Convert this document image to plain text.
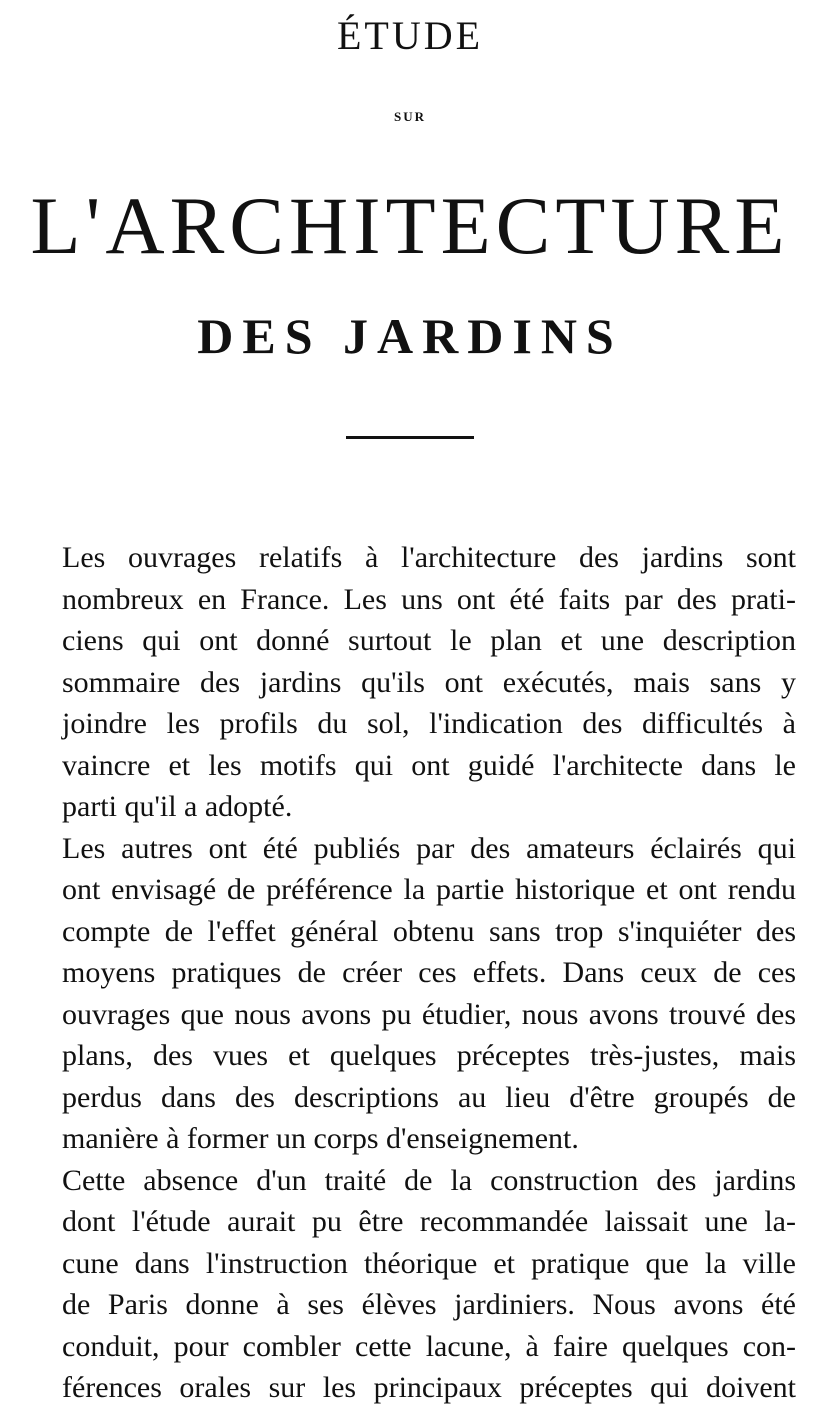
ÉTUDE
SUR
L'ARCHITECTURE
DES JARDINS

Les ouvrages relatifs à l'architecture des jardins sont
nombreux en France. Les uns ont été faits par des prati-
ciens qui ont donné surtout le plan et une description
sommaire des jardins qu'ils ont exécutés, mais sans y
joindre les profils du sol, l'indication des difficultés à
vaincre et les motifs qui ont guidé l'architecte dans le
parti qu'il a adopté.

Les autres ont été publiés par des amateurs éclairés qui
ont envisagé de préférence la partie historique et ont rendu
compte de l'effet général obtenu sans trop s'inquiéter des
moyens pratiques de créer ces effets. Dans ceux de ces
ouvrages que nous avons pu étudier, nous avons trouvé des
plans, des vues et quelques préceptes très-justes, mais
perdus dans des descriptions au lieu d'être groupés de
manière à former un corps d'enseignement.

Cette absence d'un traité de la construction des jardins
dont l'étude aurait pu être recommandée laissait une la-
cune dans l'instruction théorique et pratique que la ville
de Paris donne à ses élèves jardiniers. Nous avons été
conduit, pour combler cette lacune, à faire quelques con-
férences orales sur les principaux préceptes qui doivent
